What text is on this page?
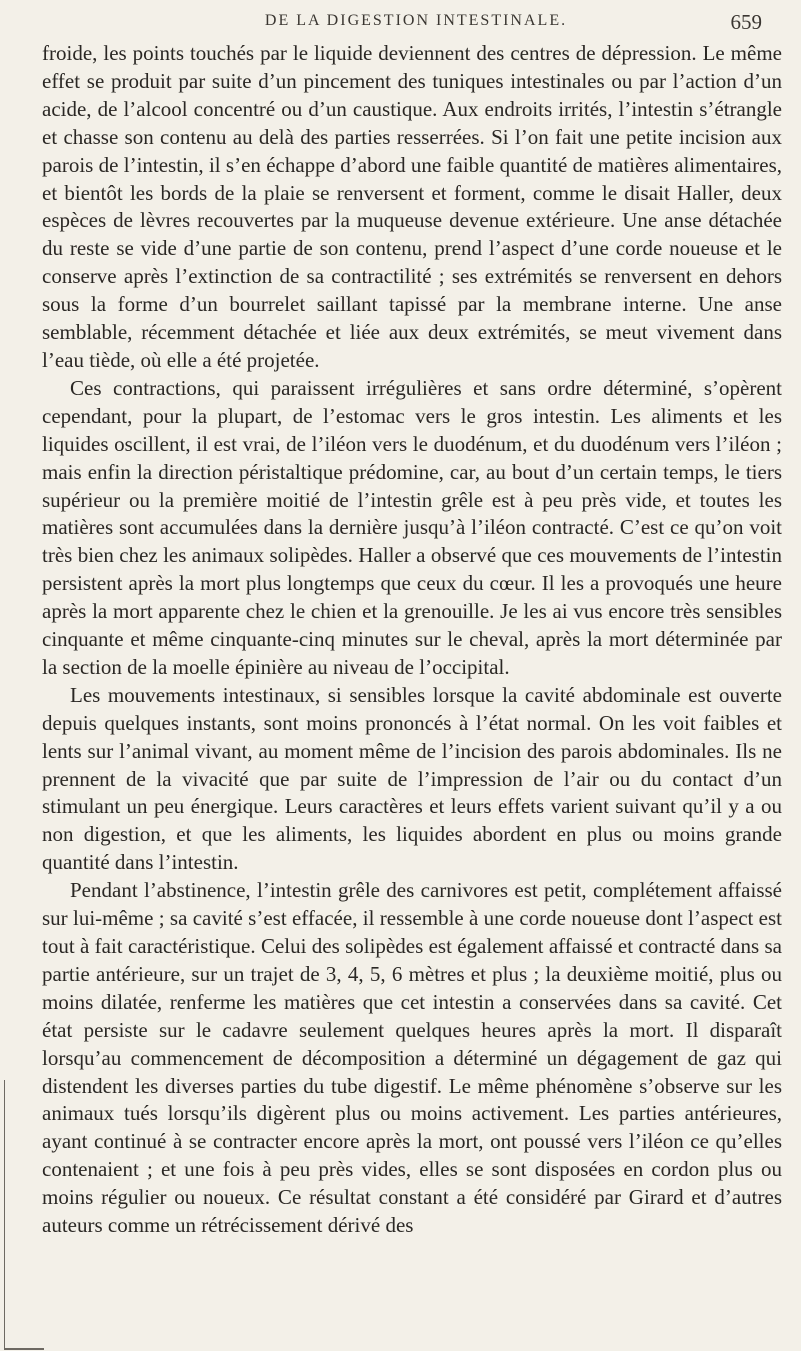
DE LA DIGESTION INTESTINALE.	659

froide, les points touchés par le liquide deviennent des centres de dépression. Le même effet se produit par suite d’un pincement des tuniques intestinales ou par l’action d’un acide, de l’alcool concentré ou d’un caustique. Aux endroits irrités, l’intestin s’étrangle et chasse son contenu au delà des parties resserrées. Si l’on fait une petite incision aux parois de l’intestin, il s’en échappe d’abord une faible quantité de matières alimentaires, et bientôt les bords de la plaie se renversent et forment, comme le disait Haller, deux espèces de lèvres recouvertes par la muqueuse devenue extérieure. Une anse détachée du reste se vide d’une partie de son contenu, prend l’aspect d’une corde noueuse et le conserve après l’extinction de sa contractilité ; ses extrémités se renversent en dehors sous la forme d’un bourrelet saillant tapissé par la membrane interne. Une anse semblable, récemment détachée et liée aux deux extrémités, se meut vivement dans l’eau tiède, où elle a été projetée.

Ces contractions, qui paraissent irrégulières et sans ordre déterminé, s’opèrent cependant, pour la plupart, de l’estomac vers le gros intestin. Les aliments et les liquides oscillent, il est vrai, de l’iléon vers le duodénum, et du duodénum vers l’iléon ; mais enfin la direction péristaltique prédomine, car, au bout d’un certain temps, le tiers supérieur ou la première moitié de l’intestin grêle est à peu près vide, et toutes les matières sont accumulées dans la dernière jusqu’à l’iléon contracté. C’est ce qu’on voit très bien chez les animaux solipèdes. Haller a observé que ces mouvements de l’intestin persistent après la mort plus longtemps que ceux du cœur. Il les a provoqués une heure après la mort apparente chez le chien et la grenouille. Je les ai vus encore très sensibles cinquante et même cinquante-cinq minutes sur le cheval, après la mort déterminée par la section de la moelle épinière au niveau de l’occipital.

Les mouvements intestinaux, si sensibles lorsque la cavité abdominale est ouverte depuis quelques instants, sont moins prononcés à l’état normal. On les voit faibles et lents sur l’animal vivant, au moment même de l’incision des parois abdominales. Ils ne prennent de la vivacité que par suite de l’impression de l’air ou du contact d’un stimulant un peu énergique. Leurs caractères et leurs effets varient suivant qu’il y a ou non digestion, et que les aliments, les liquides abordent en plus ou moins grande quantité dans l’intestin.

Pendant l’abstinence, l’intestin grêle des carnivores est petit, complétement affaissé sur lui-même ; sa cavité s’est effacée, il ressemble à une corde noueuse dont l’aspect est tout à fait caractéristique. Celui des solipèdes est également affaissé et contracté dans sa partie antérieure, sur un trajet de 3, 4, 5, 6 mètres et plus ; la deuxième moitié, plus ou moins dilatée, renferme les matières que cet intestin a conservées dans sa cavité. Cet état persiste sur le cadavre seulement quelques heures après la mort. Il disparaît lorsqu’au commencement de décomposition a déterminé un dégagement de gaz qui distendent les diverses parties du tube digestif. Le même phénomène s’observe sur les animaux tués lorsqu’ils digèrent plus ou moins activement. Les parties antérieures, ayant continué à se contracter encore après la mort, ont poussé vers l’iléon ce qu’elles contenaient ; et une fois à peu près vides, elles se sont disposées en cordon plus ou moins régulier ou noueux. Ce résultat constant a été considéré par Girard et d’autres auteurs comme un rétrécissement dérivé des
